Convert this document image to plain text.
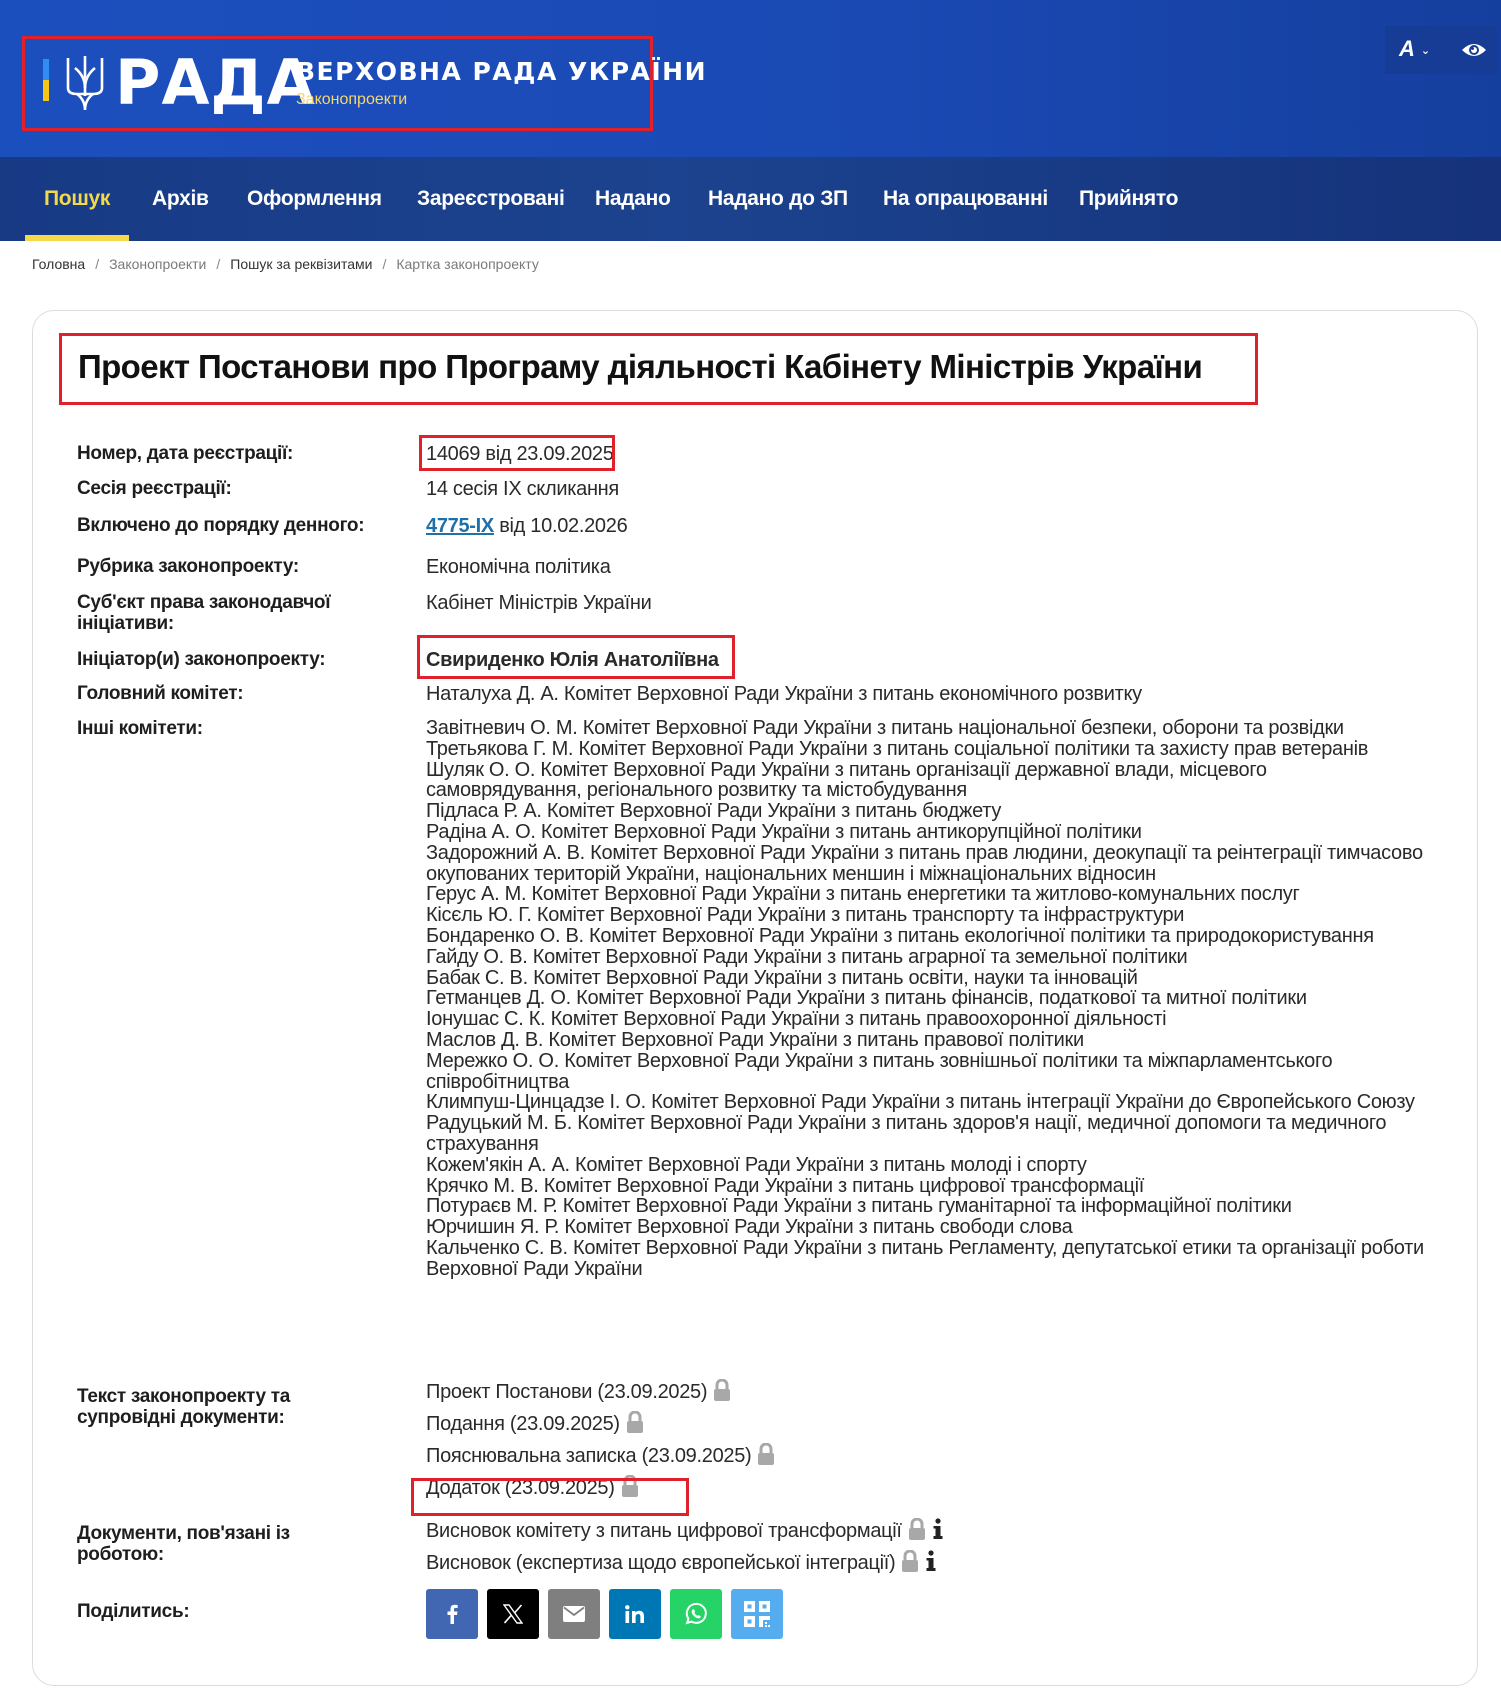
РАДА
ВЕРХОВНА РАДА УКРАЇНИ
Законопроекти
A ⌄
Пошук Архів Оформлення Зареєстровані Надано Надано до ЗП На опрацюванні Прийнято
Головна / Законопроекти / Пошук за реквізитами / Картка законопроекту
Проект Постанови про Програму діяльності Кабінету Міністрів України
Номер, дата реєстрації:	14069 від 23.09.2025
Сесія реєстрації:	14 сесія IX скликання
Включено до порядку денного:	4775-IX від 10.02.2026
Рубрика законопроекту:	Економічна політика
Суб'єкт права законодавчої ініціативи:
Кабінет Міністрів України
Ініціатор(и) законопроекту:	Свириденко Юлія Анатоліївна
Головний комітет:	Наталуха Д. А. Комітет Верховної Ради України з питань економічного розвитку
Інші комітети:	Завітневич О. М. Комітет Верховної Ради України з питань національної безпеки, оборони та розвідки
Третьякова Г. М. Комітет Верховної Ради України з питань соціальної політики та захисту прав ветеранів
Шуляк О. О. Комітет Верховної Ради України з питань організації державної влади, місцевого самоврядування, регіонального розвитку та містобудування
Підласа Р. А. Комітет Верховної Ради України з питань бюджету
Радіна А. О. Комітет Верховної Ради України з питань антикорупційної політики
Задорожний А. В. Комітет Верховної Ради України з питань прав людини, деокупації та реінтеграції тимчасово окупованих територій України, національних меншин і міжнаціональних відносин
Герус А. М. Комітет Верховної Ради України з питань енергетики та житлово-комунальних послуг
Кісєль Ю. Г. Комітет Верховної Ради України з питань транспорту та інфраструктури
Бондаренко О. В. Комітет Верховної Ради України з питань екологічної політики та природокористування
Гайду О. В. Комітет Верховної Ради України з питань аграрної та земельної політики
Бабак С. В. Комітет Верховної Ради України з питань освіти, науки та інновацій
Гетманцев Д. О. Комітет Верховної Ради України з питань фінансів, податкової та митної політики
Іонушас С. К. Комітет Верховної Ради України з питань правоохоронної діяльності
Маслов Д. В. Комітет Верховної Ради України з питань правової політики
Мережко О. О. Комітет Верховної Ради України з питань зовнішньої політики та міжпарламентського співробітництва
Климпуш-Цинцадзе І. О. Комітет Верховної Ради України з питань інтеграції України до Європейського Союзу
Радуцький М. Б. Комітет Верховної Ради України з питань здоров'я нації, медичної допомоги та медичного страхування
Кожем'якін А. А. Комітет Верховної Ради України з питань молоді і спорту
Крячко М. В. Комітет Верховної Ради України з питань цифрової трансформації
Потураєв М. Р. Комітет Верховної Ради України з питань гуманітарної та інформаційної політики
Юрчишин Я. Р. Комітет Верховної Ради України з питань свободи слова
Кальченко С. В. Комітет Верховної Ради України з питань Регламенту, депутатської етики та організації роботи Верховної Ради України
Текст законопроекту та супровідні документи:
Проект Постанови (23.09.2025)
Подання (23.09.2025)
Пояснювальна записка (23.09.2025)
Додаток (23.09.2025)
Документи, пов'язані із роботою:
Висновок комітету з питань цифрової трансформації
Висновок (експертиза щодо європейської інтеграції)
Поділитись:
